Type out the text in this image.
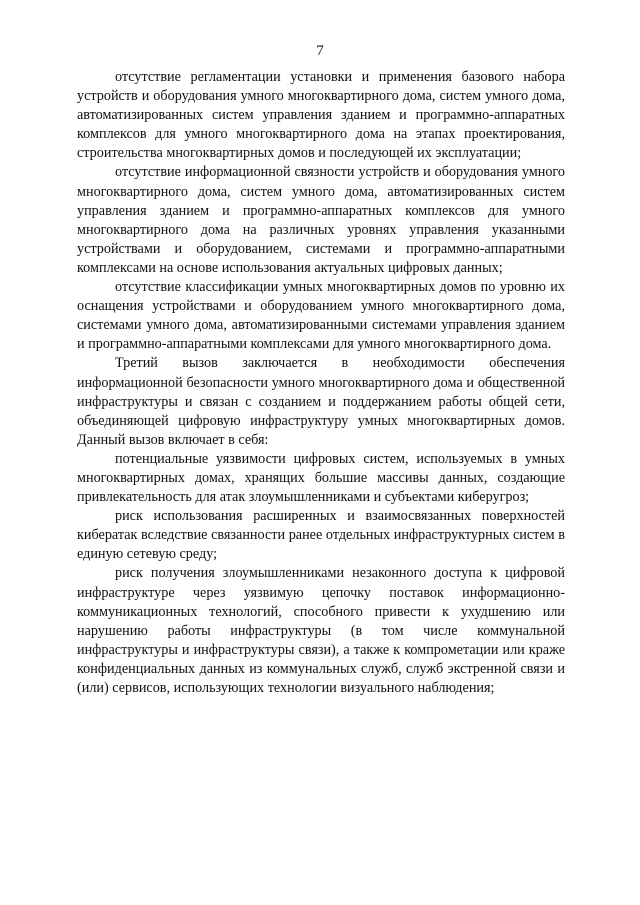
7

отсутствие регламентации установки и применения базового набора устройств и оборудования умного многоквартирного дома, систем умного дома, автоматизированных систем управления зданием и программно-аппаратных комплексов для умного многоквартирного дома на этапах проектирования, строительства многоквартирных домов и последующей их эксплуатации;

отсутствие информационной связности устройств и оборудования умного многоквартирного дома, систем умного дома, автоматизированных систем управления зданием и программно-аппаратных комплексов для умного многоквартирного дома на различных уровнях управления указанными устройствами и оборудованием, системами и программно-аппаратными комплексами на основе использования актуальных цифровых данных;

отсутствие классификации умных многоквартирных домов по уровню их оснащения устройствами и оборудованием умного многоквартирного дома, системами умного дома, автоматизированными системами управления зданием и программно-аппаратными комплексами для умного многоквартирного дома.

Третий вызов заключается в необходимости обеспечения информационной безопасности умного многоквартирного дома и общественной инфраструктуры и связан с созданием и поддержанием работы общей сети, объединяющей цифровую инфраструктуру умных многоквартирных домов. Данный вызов включает в себя:

потенциальные уязвимости цифровых систем, используемых в умных многоквартирных домах, хранящих большие массивы данных, создающие привлекательность для атак злоумышленниками и субъектами киберугроз;

риск использования расширенных и взаимосвязанных поверхностей кибератак вследствие связанности ранее отдельных инфраструктурных систем в единую сетевую среду;

риск получения злоумышленниками незаконного доступа к цифровой инфраструктуре через уязвимую цепочку поставок информационно-коммуникационных технологий, способного привести к ухудшению или нарушению работы инфраструктуры (в том числе коммунальной инфраструктуры и инфраструктуры связи), а также к компрометации или краже конфиденциальных данных из коммунальных служб, служб экстренной связи и (или) сервисов, использующих технологии визуального наблюдения;
